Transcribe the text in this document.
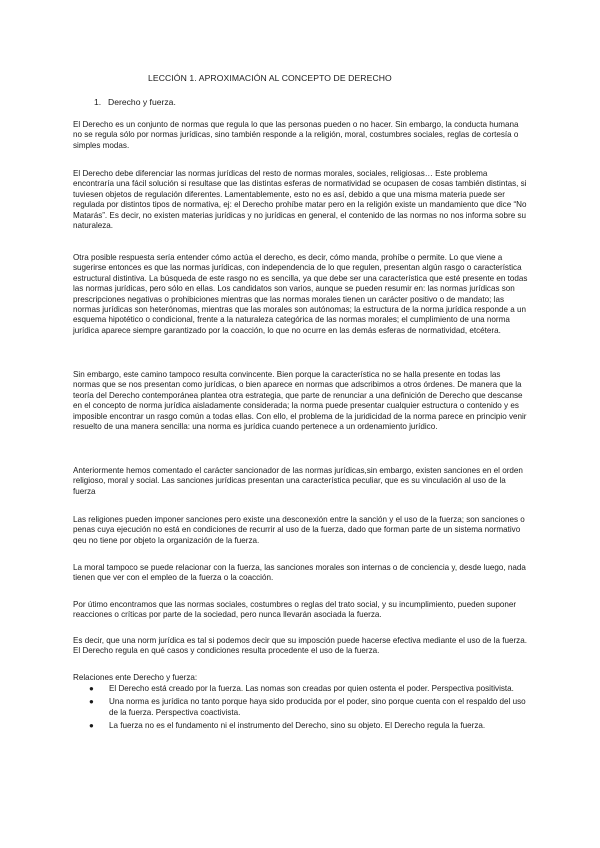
LECCIÓN 1. APROXIMACIÓN AL CONCEPTO DE DERECHO
1. Derecho y fuerza.

El Derecho es un conjunto de normas que regula lo que las personas pueden o no hacer. Sin embargo, la conducta humana no se regula sólo por normas jurídicas, sino también responde a la religión, moral, costumbres sociales, reglas de cortesía o simples modas.

El Derecho debe diferenciar las normas jurídicas del resto de normas morales, sociales, religiosas… Este problema encontraría una fácil solución si resultase que las distintas esferas de normatividad se ocupasen de cosas también distintas, si tuviesen objetos de regulación diferentes. Lamentablemente, esto no es así, debido a que una misma materia puede ser regulada por distintos tipos de normativa, ej: el Derecho prohíbe matar pero en la religión existe un mandamiento que dice “No Matarás”. Es decir, no existen materias jurídicas y no jurídicas en general, el contenido de las normas no nos informa sobre su naturaleza.

Otra posible respuesta sería entender cómo actúa el derecho, es decir, cómo manda, prohíbe o permite. Lo que viene a sugerirse entonces es que las normas jurídicas, con independencia de lo que regulen, presentan algún rasgo o característica estructural distintiva. La búsqueda de este rasgo no es sencilla, ya que debe ser una característica que esté presente en todas las normas jurídicas, pero sólo en ellas. Los candidatos son varios, aunque se pueden resumir en: las normas jurídicas son prescripciones negativas o prohibiciones mientras que las normas morales tienen un carácter positivo o de mandato; las normas jurídicas son heterónomas, mientras que las morales son autónomas; la estructura de la norma jurídica responde a un esquema hipotético o condicional, frente a la naturaleza categórica de las normas morales; el cumplimiento de una norma jurídica aparece siempre garantizado por la coacción, lo que no ocurre en las demás esferas de normatividad, etcétera.

Sin embargo, este camino tampoco resulta convincente. Bien porque la característica no se halla presente en todas las normas que se nos presentan como jurídicas, o bien aparece en normas que adscribimos a otros órdenes. De manera que la teoría del Derecho contemporánea plantea otra estrategia, que parte de renunciar a una definición de Derecho que descanse en el concepto de norma jurídica aisladamente considerada; la norma puede presentar cualquier estructura o contenido y es imposible encontrar un rasgo común a todas ellas. Con ello, el problema de la juridicidad de la norma parece en principio venir resuelto de una manera sencilla: una norma es jurídica cuando pertenece a un ordenamiento jurídico.

Anteriormente hemos comentado el carácter sancionador de las normas jurídicas,sin embargo, existen sanciones en el orden religioso, moral y social. Las sanciones jurídicas presentan una característica peculiar, que es su vinculación al uso de la fuerza

Las religiones pueden imponer sanciones pero existe una desconexión entre la sanción y el uso de la fuerza; son sanciones o penas cuya ejecución no está en condiciones de recurrir al uso de la fuerza, dado que forman parte de un sistema normativo qeu no tiene por objeto la organización de la fuerza.

La moral tampoco se puede relacionar con la fuerza, las sanciones morales son internas o de conciencia y, desde luego, nada tienen que ver con el empleo de la fuerza o la coacción.

Por útimo encontramos que las normas sociales, costumbres o reglas del trato social, y su incumplimiento, pueden suponer reacciones o críticas por parte de la sociedad, pero nunca llevarán asociada la fuerza.

Es decir, que una norm jurídica es tal si podemos decir que su imposción puede hacerse efectiva mediante el uso de la fuerza. El Derecho regula en qué casos y condiciones resulta procedente el uso de la fuerza.

Relaciones ente Derecho y fuerza:
● El Derecho está creado por la fuerza. Las nomas son creadas por quien ostenta el poder. Perspectiva positivista.
● Una norma es jurídica no tanto porque haya sido producida por el poder, sino porque cuenta con el respaldo del uso de la fuerza. Perspectiva coactivista.
● La fuerza no es el fundamento ni el instrumento del Derecho, sino su objeto. El Derecho regula la fuerza.
